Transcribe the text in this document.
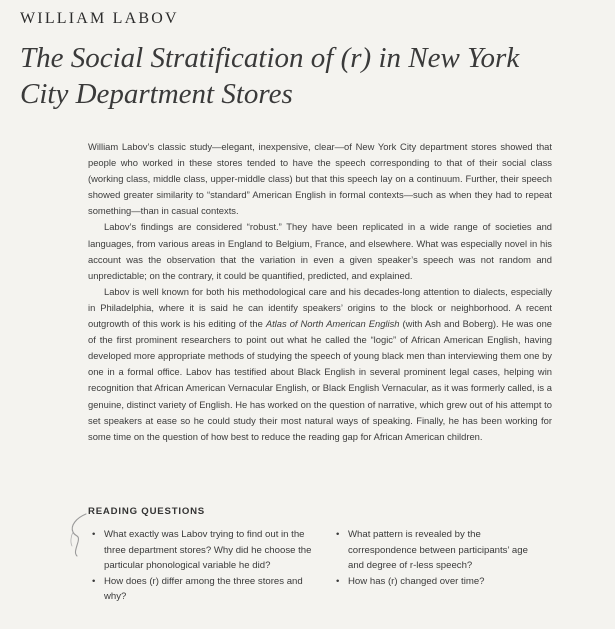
WILLIAM LABOV
The Social Stratification of (r) in New York
City Department Stores

William Labov’s classic study—elegant, inexpensive, clear—of New York City department stores showed that people who worked in these stores tended to have the speech corresponding to that of their social class (working class, middle class, upper-middle class) but that this speech lay on a continuum. Further, their speech showed greater similarity to “standard” American English in formal contexts—such as when they had to repeat something—than in casual contexts.

Labov’s findings are considered “robust.” They have been replicated in a wide range of societies and languages, from various areas in England to Belgium, France, and elsewhere. What was especially novel in his account was the observation that the variation in even a given speaker’s speech was not random and unpredictable; on the contrary, it could be quantified, predicted, and explained.

Labov is well known for both his methodological care and his decades-long attention to dialects, especially in Philadelphia, where it is said he can identify speakers’ origins to the block or neighborhood. A recent outgrowth of this work is his editing of the Atlas of North American English (with Ash and Boberg). He was one of the first prominent researchers to point out what he called the “logic” of African American English, having developed more appropriate methods of studying the speech of young black men than interviewing them one by one in a formal office. Labov has testified about Black English in several prominent legal cases, helping win recognition that African American Vernacular English, or Black English Vernacular, as it was formerly called, is a genuine, distinct variety of English. He has worked on the question of narrative, which grew out of his attempt to set speakers at ease so he could study their most natural ways of speaking. Finally, he has been working for some time on the question of how best to reduce the reading gap for African American children.

READING QUESTIONS
• What exactly was Labov trying to find out in the three department stores? Why did he choose the particular phonological variable he did?
• How does (r) differ among the three stores and why?
• What pattern is revealed by the correspondence between participants’ age and degree of r-less speech?
• How has (r) changed over time?
